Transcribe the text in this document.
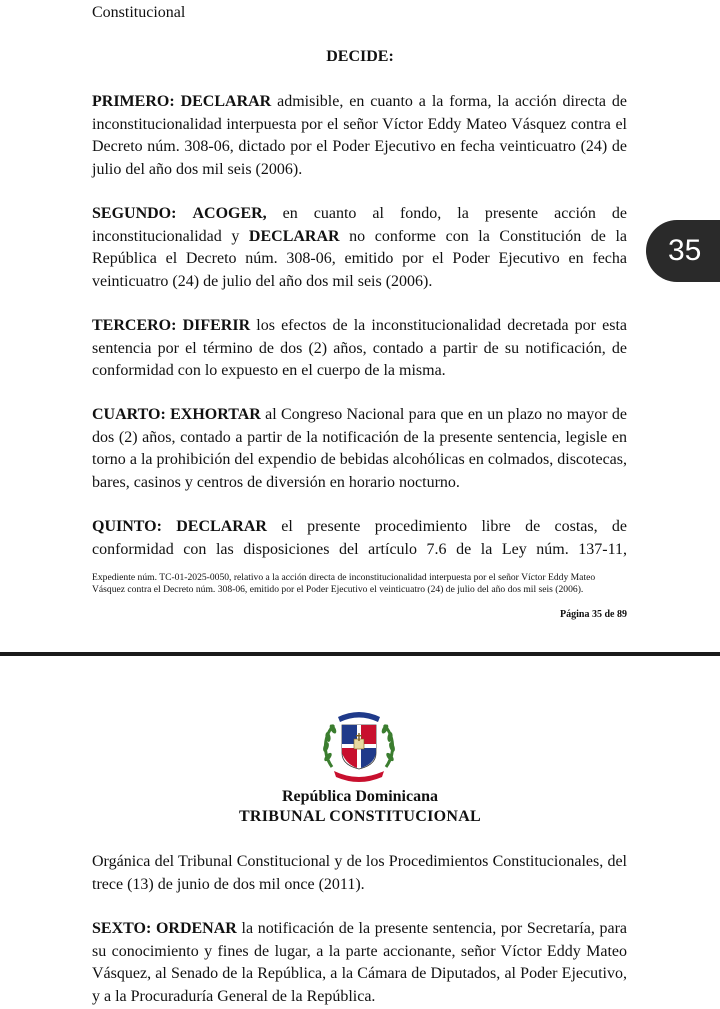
Constitucional
DECIDE:
PRIMERO: DECLARAR admisible, en cuanto a la forma, la acción directa de inconstitucionalidad interpuesta por el señor Víctor Eddy Mateo Vásquez contra el Decreto núm. 308-06, dictado por el Poder Ejecutivo en fecha veinticuatro (24) de julio del año dos mil seis (2006).
SEGUNDO: ACOGER, en cuanto al fondo, la presente acción de inconstitucionalidad y DECLARAR no conforme con la Constitución de la República el Decreto núm. 308-06, emitido por el Poder Ejecutivo en fecha veinticuatro (24) de julio del año dos mil seis (2006).
TERCERO: DIFERIR los efectos de la inconstitucionalidad decretada por esta sentencia por el término de dos (2) años, contado a partir de su notificación, de conformidad con lo expuesto en el cuerpo de la misma.
CUARTO: EXHORTAR al Congreso Nacional para que en un plazo no mayor de dos (2) años, contado a partir de la notificación de la presente sentencia, legisle en torno a la prohibición del expendio de bebidas alcohólicas en colmados, discotecas, bares, casinos y centros de diversión en horario nocturno.
QUINTO: DECLARAR el presente procedimiento libre de costas, de conformidad con las disposiciones del artículo 7.6 de la Ley núm. 137-11,
Expediente núm. TC-01-2025-0050, relativo a la acción directa de inconstitucionalidad interpuesta por el señor Víctor Eddy Mateo Vásquez contra el Decreto núm. 308-06, emitido por el Poder Ejecutivo el veinticuatro (24) de julio del año dos mil seis (2006).
Página 35 de 89
35
República Dominicana
TRIBUNAL CONSTITUCIONAL
Orgánica del Tribunal Constitucional y de los Procedimientos Constitucionales, del trece (13) de junio de dos mil once (2011).
SEXTO: ORDENAR la notificación de la presente sentencia, por Secretaría, para su conocimiento y fines de lugar, a la parte accionante, señor Víctor Eddy Mateo Vásquez, al Senado de la República, a la Cámara de Diputados, al Poder Ejecutivo, y a la Procuraduría General de la República.
